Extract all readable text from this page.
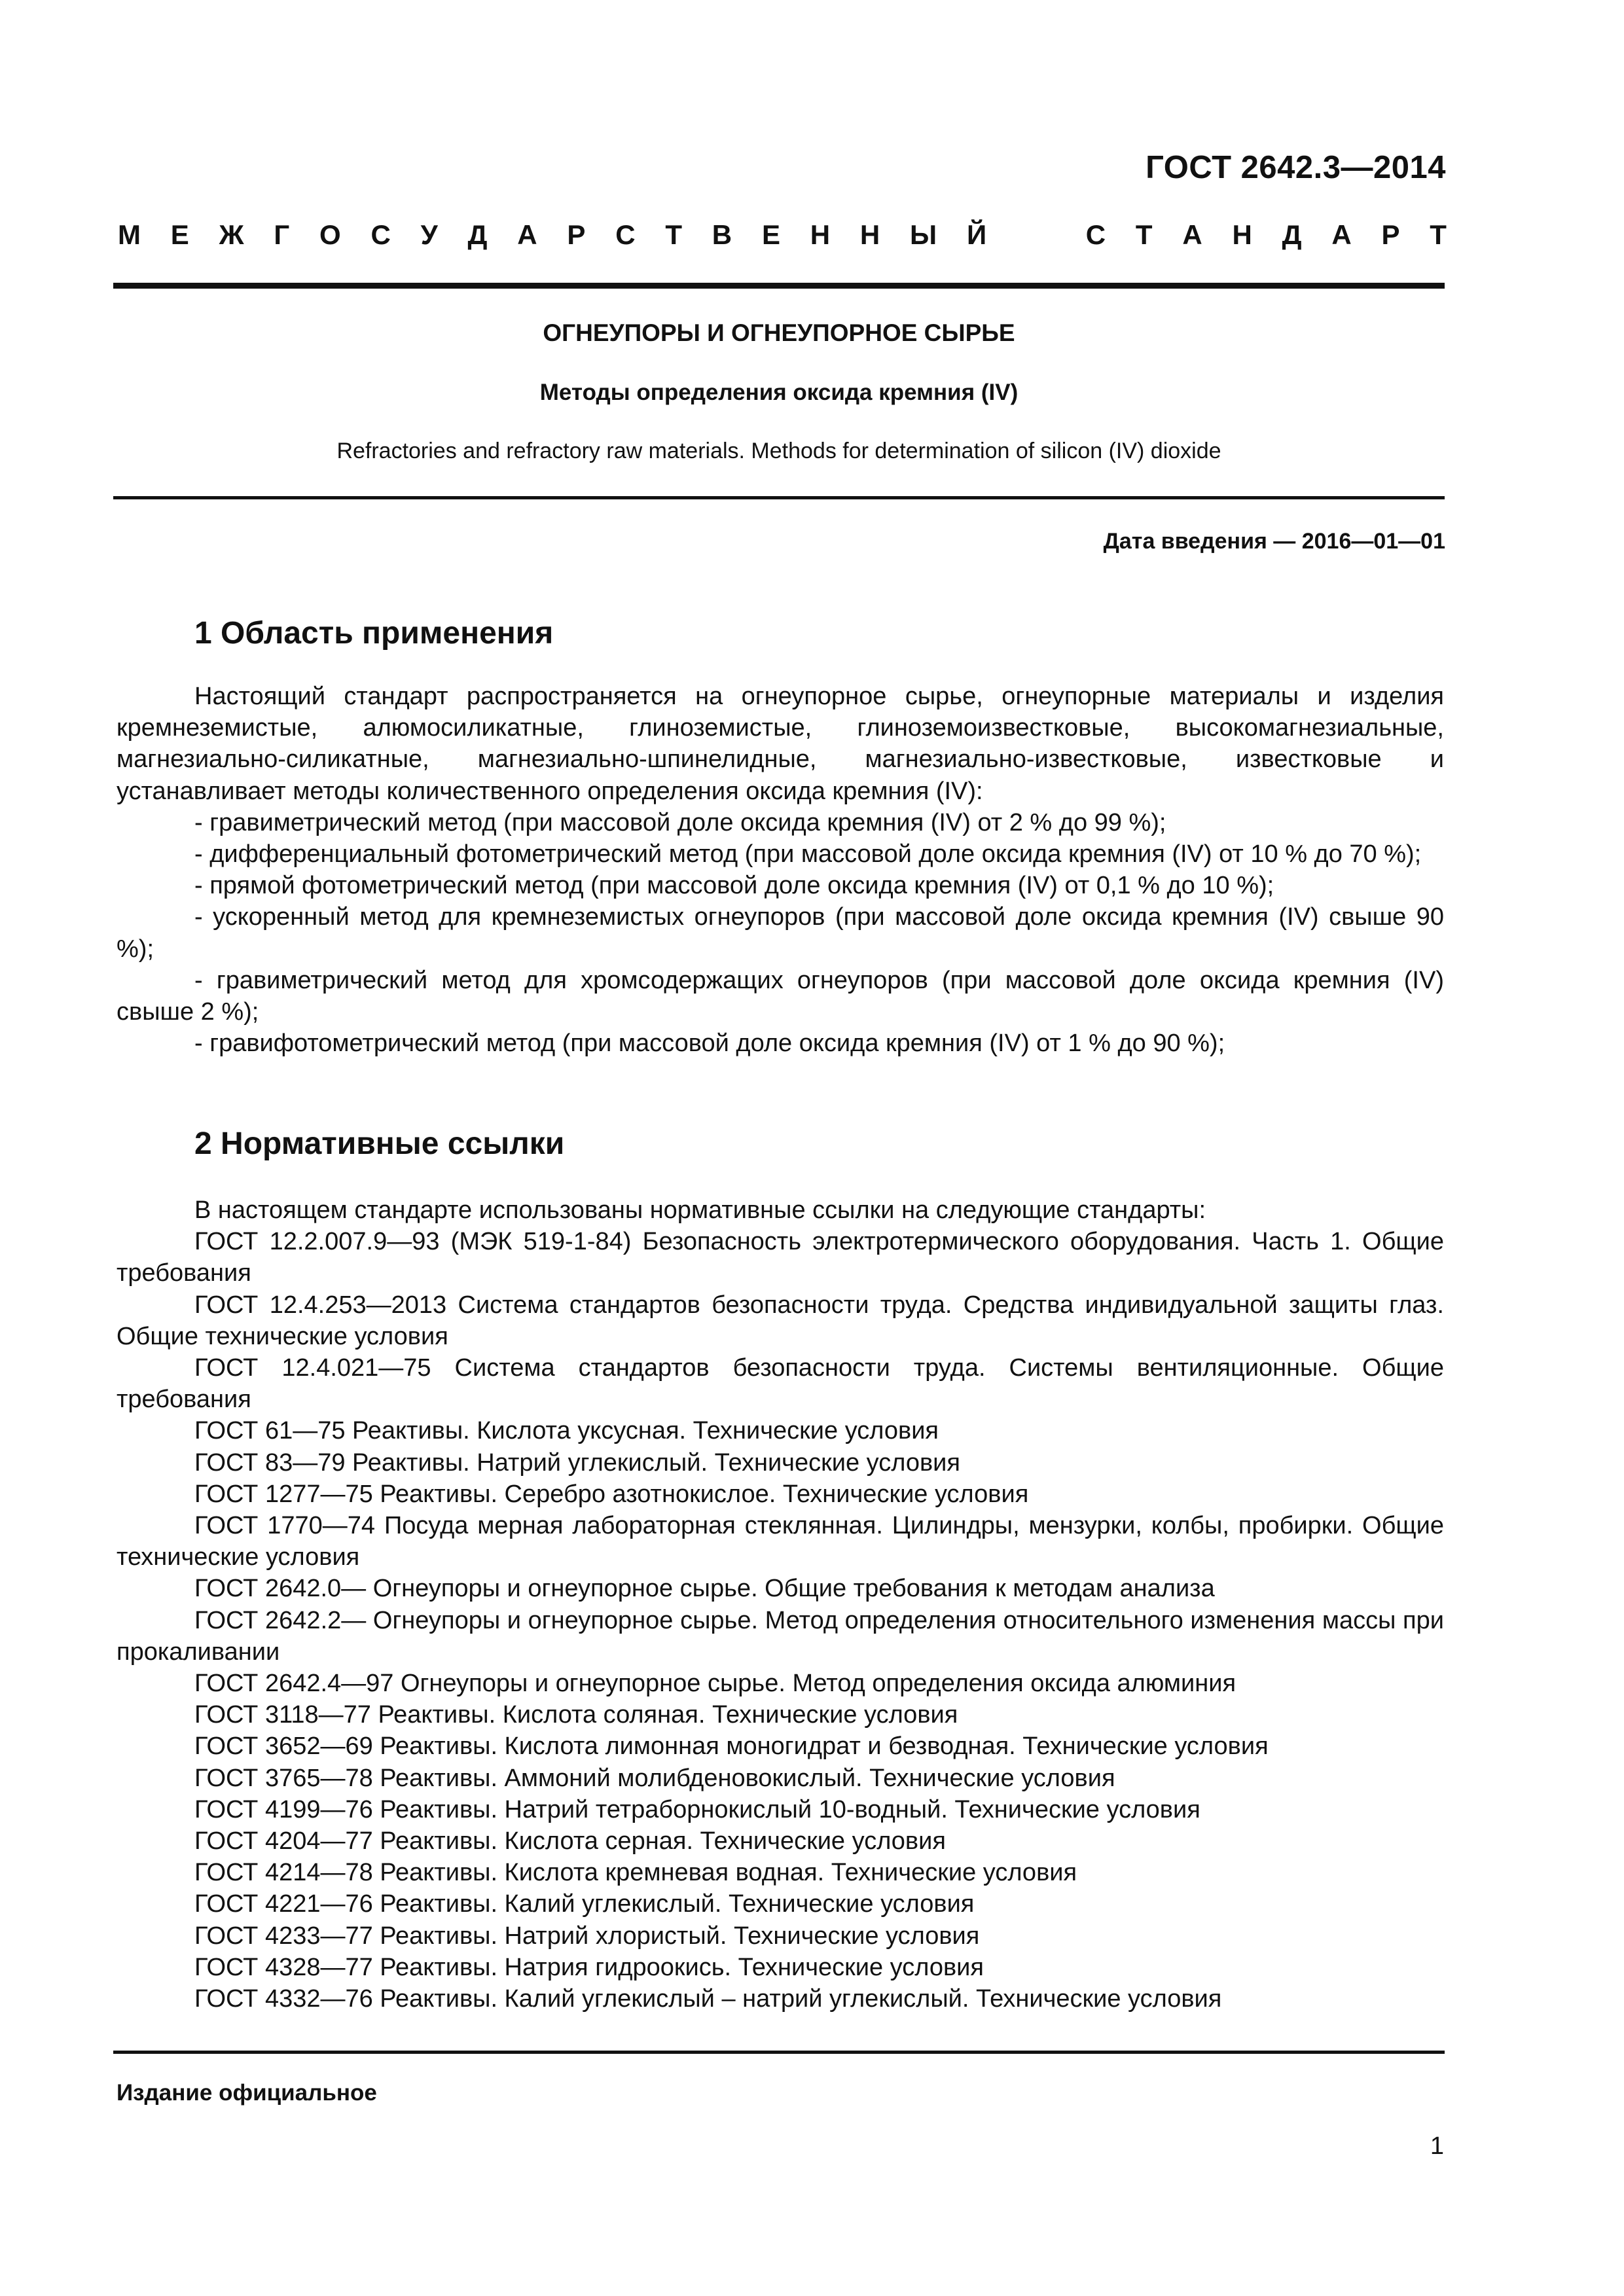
ГОСТ 2642.3—2014
М Е Ж Г О С У Д А Р С Т В Е Н Н Ы Й	С Т А Н Д А Р Т
ОГНЕУПОРЫ И ОГНЕУПОРНОЕ СЫРЬЕ
Методы определения оксида кремния (IV)
Refractories and refractory raw materials. Methods for determination of silicon (IV) dioxide
Дата введения — 2016—01—01
1 Область применения

Настоящий стандарт распространяется на огнеупорное сырье, огнеупорные материалы и изделия кремнеземистые, алюмосиликатные, глиноземистые, глиноземоизвестковые, высокомагнезиальные, магнезиально-силикатные, магнезиально-шпинелидные, магнезиально-известковые, известковые и устанавливает методы количественного определения оксида кремния (IV):

- гравиметрический метод (при массовой доле оксида кремния (IV) от 2 % до 99 %);

- дифференциальный фотометрический метод (при массовой доле оксида кремния (IV) от 10 % до 70 %);

- прямой фотометрический метод (при массовой доле оксида кремния (IV) от 0,1 % до 10 %);

- ускоренный метод для кремнеземистых огнеупоров (при массовой доле оксида кремния (IV) свыше 90 %);

- гравиметрический метод для хромсодержащих огнеупоров (при массовой доле оксида кремния (IV) свыше 2 %);

- гравифотометрический метод (при массовой доле оксида кремния (IV) от 1 % до 90 %);

2 Нормативные ссылки

В настоящем стандарте использованы нормативные ссылки на следующие стандарты:

ГОСТ 12.2.007.9—93 (МЭК 519-1-84) Безопасность электротермического оборудования. Часть 1. Общие требования

ГОСТ 12.4.253—2013 Система стандартов безопасности труда. Средства индивидуальной защиты глаз. Общие технические условия

ГОСТ 12.4.021—75 Система стандартов безопасности труда. Системы вентиляционные. Общие требования

ГОСТ 61—75 Реактивы. Кислота уксусная. Технические условия

ГОСТ 83—79 Реактивы. Натрий углекислый. Технические условия

ГОСТ 1277—75 Реактивы. Серебро азотнокислое. Технические условия

ГОСТ 1770—74 Посуда мерная лабораторная стеклянная. Цилиндры, мензурки, колбы, пробирки. Общие технические условия

ГОСТ 2642.0— Огнеупоры и огнеупорное сырье. Общие требования к методам анализа

ГОСТ 2642.2— Огнеупоры и огнеупорное сырье. Метод определения относительного изменения массы при прокаливании

ГОСТ 2642.4—97 Огнеупоры и огнеупорное сырье. Метод определения оксида алюминия

ГОСТ 3118—77 Реактивы. Кислота соляная. Технические условия

ГОСТ 3652—69 Реактивы. Кислота лимонная моногидрат и безводная. Технические условия

ГОСТ 3765—78 Реактивы. Аммоний молибденовокислый. Технические условия

ГОСТ 4199—76 Реактивы. Натрий тетраборнокислый 10-водный. Технические условия

ГОСТ 4204—77 Реактивы. Кислота серная. Технические условия

ГОСТ 4214—78 Реактивы. Кислота кремневая водная. Технические условия

ГОСТ 4221—76 Реактивы. Калий углекислый. Технические условия

ГОСТ 4233—77 Реактивы. Натрий хлористый. Технические условия

ГОСТ 4328—77 Реактивы. Натрия гидроокись. Технические условия

ГОСТ 4332—76 Реактивы. Калий углекислый – натрий углекислый. Технические условия

Издание официальное
1
